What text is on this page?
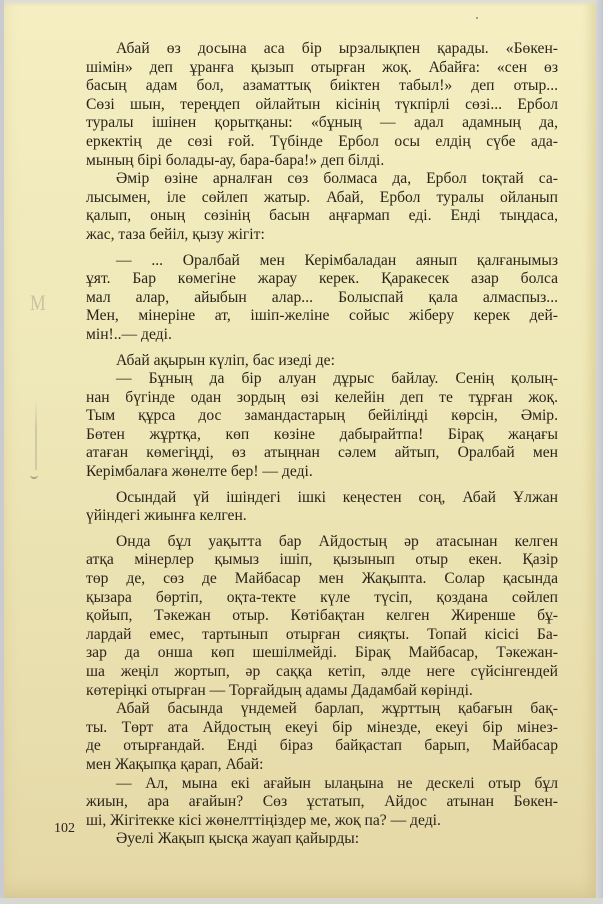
M
Абай өз досына аса бір ырзалықпен қарады. «Бөкен-
шімін» деп ұранға қызып отырған жоқ. Абайға: «сен өз
басың адам бол, азаматтық биіктен табыл!» деп отыр...
Сөзі шын, тереңдеп ойлайтын кісінің түкпірлі сөзі... Ербол
туралы ішінен қорытқаны: «бұның — адал адамның да,
еркектің де сөзі ғой. Түбінде Ербол осы елдің сүбе ада-
мының бірі болады-ау, бара-бара!» деп білді.
Әмір өзіне арналған сөз болмаса да, Ербол toқтай са-
лысымен, іле сөйлеп жатыр. Абай, Ербол туралы ойланып
қалып, оның сөзінің басын аңғармап еді. Енді тыңдаса,
жас, таза бейіл, қызу жігіт:
— ... Оралбай мен Керімбаладан аянып қалғанымыз
ұят. Бар көмегіне жарау керек. Қаракесек азар болса
мал алар, айыбын алар... Болыспай қала алмаспыз...
Мен, мінеріне ат, ішіп-желіне сойыс жіберу керек дей-
мін!..— деді.
Абай ақырын күліп, бас изеді де:
— Бұның да бір алуан дұрыс байлау. Сенің қолың-
нан бүгінде одан зордың өзі келейін деп те тұрған жоқ.
Тым құрса дос замандастарың бейіліңді көрсін, Әмір.
Бөтен жұртқа, көп көзіне дабырайтпа! Бірақ жаңағы
атаған көмегіңді, өз атыңнан сәлем айтып, Оралбай мен
Керімбалаға жөнелте бер! — деді.
Осындай үй ішіндегі ішкі кеңестен соң, Абай Ұлжан
үйіндегі жиынға келген.
Онда бұл уақытта бар Айдостың әр атасынан келген
атқа мінерлер қымыз ішіп, қызынып отыр екен. Қазір
төр де, сөз де Майбасар мен Жақыпта. Солар қасында
қызара бөртіп, оқта-текте күле түсіп, қоздана сөйлеп
қойып, Тәкежан отыр. Көтібақтан келген Жиренше бұ-
лардай емес, тартынып отырған сияқты. Топай кісісі Ба-
зар да онша көп шешілмейді. Бірақ Майбасар, Тәкежан-
ша жеңіл жортып, әр саққа кетіп, әлде неге сүйсінгендей
көтеріңкі отырған — Торғайдың адамы Дадамбай көрінді.
Абай басында үндемей барлап, жұрттың қабағын бақ-
ты. Төрт ата Айдостың екеуі бір мінезде, екеуі бір мінез-
де отырғандай. Енді біраз байқастап барып, Майбасар
мен Жақыпқа қарап, Абай:
— Ал, мына екі ағайын ылаңына не дескелі отыр бұл
жиын, ара ағайын? Сөз ұстатып, Айдос атынан Бөкен-
ші, Жігітекке кісі жөнелттіңіздер ме, жоқ па? — деді.
Әуелі Жақып қысқа жауап қайырды:
102
